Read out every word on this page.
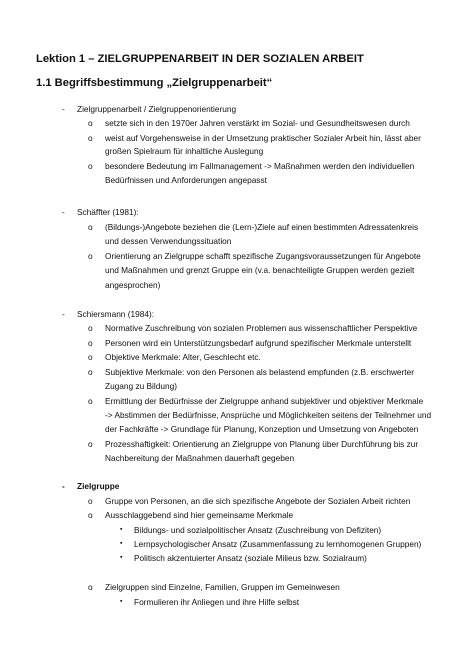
Lektion 1 – ZIELGRUPPENARBEIT IN DER SOZIALEN ARBEIT
1.1 Begriffsbestimmung „Zielgruppenarbeit“
- Zielgruppenarbeit / Zielgruppenorientierung
o setzte sich in den 1970er Jahren verstärkt im Sozial- und Gesundheitswesen durch
o weist auf Vorgehensweise in der Umsetzung praktischer Sozialer Arbeit hin, lässt aber
großen Spielraum für inhaltliche Auslegung
o besondere Bedeutung im Fallmanagement -> Maßnahmen werden den individuellen
Bedürfnissen und Anforderungen angepasst
- Schäffter (1981):
o (Bildungs-)Angebote beziehen die (Lern-)Ziele auf einen bestimmten Adressatenkreis
und dessen Verwendungssituation
o Orientierung an Zielgruppe schafft spezifische Zugangsvoraussetzungen für Angebote
und Maßnahmen und grenzt Gruppe ein (v.a. benachteiligte Gruppen werden gezielt
angesprochen)
- Schiersmann (1984):
o Normative Zuschreibung von sozialen Problemen aus wissenschaftlicher Perspektive
o Personen wird ein Unterstützungsbedarf aufgrund spezifischer Merkmale unterstellt
o Objektive Merkmale: Alter, Geschlecht etc.
o Subjektive Merkmale: von den Personen als belastend empfunden (z.B. erschwerter
Zugang zu Bildung)
o Ermittlung der Bedürfnisse der Zielgruppe anhand subjektiver und objektiver Merkmale
-> Abstimmen der Bedürfnisse, Ansprüche und Möglichkeiten seitens der Teilnehmer und
der Fachkräfte -> Grundlage für Planung, Konzeption und Umsetzung von Angeboten
o Prozesshaftigkeit: Orientierung an Zielgruppe von Planung über Durchführung bis zur
Nachbereitung der Maßnahmen dauerhaft gegeben
- Zielgruppe
o Gruppe von Personen, an die sich spezifische Angebote der Sozialen Arbeit richten
o Ausschlaggebend sind hier gemeinsame Merkmale
▪ Bildungs- und sozialpolitischer Ansatz (Zuschreibung von Defiziten)
▪ Lernpsychologischer Ansatz (Zusammenfassung zu lernhomogenen Gruppen)
▪ Politisch akzentuierter Ansatz (soziale Milieus bzw. Sozialraum)
o Zielgruppen sind Einzelne, Familien, Gruppen im Gemeinwesen
▪ Formulieren ihr Anliegen und ihre Hilfe selbst
